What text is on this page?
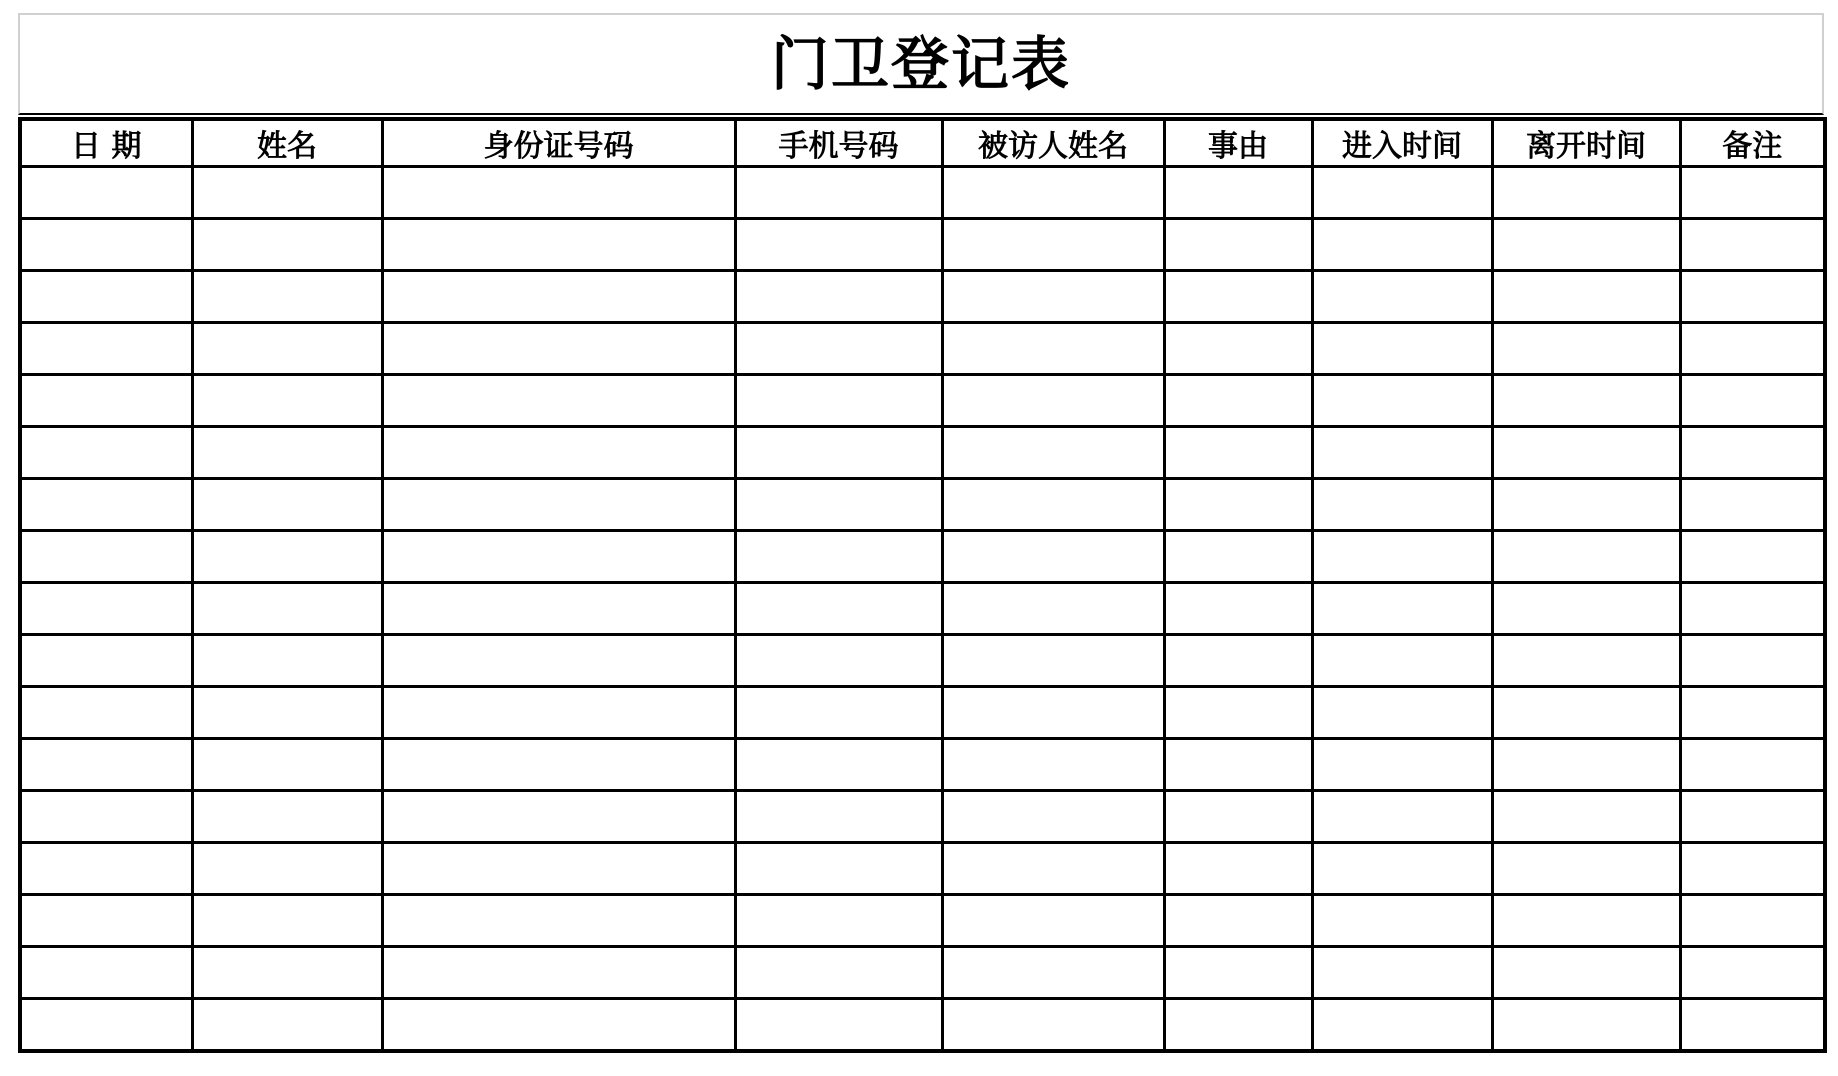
门卫登记表
日 期	姓名	身份证号码	手机号码	被访人姓名	事由	进入时间	离开时间	备注
